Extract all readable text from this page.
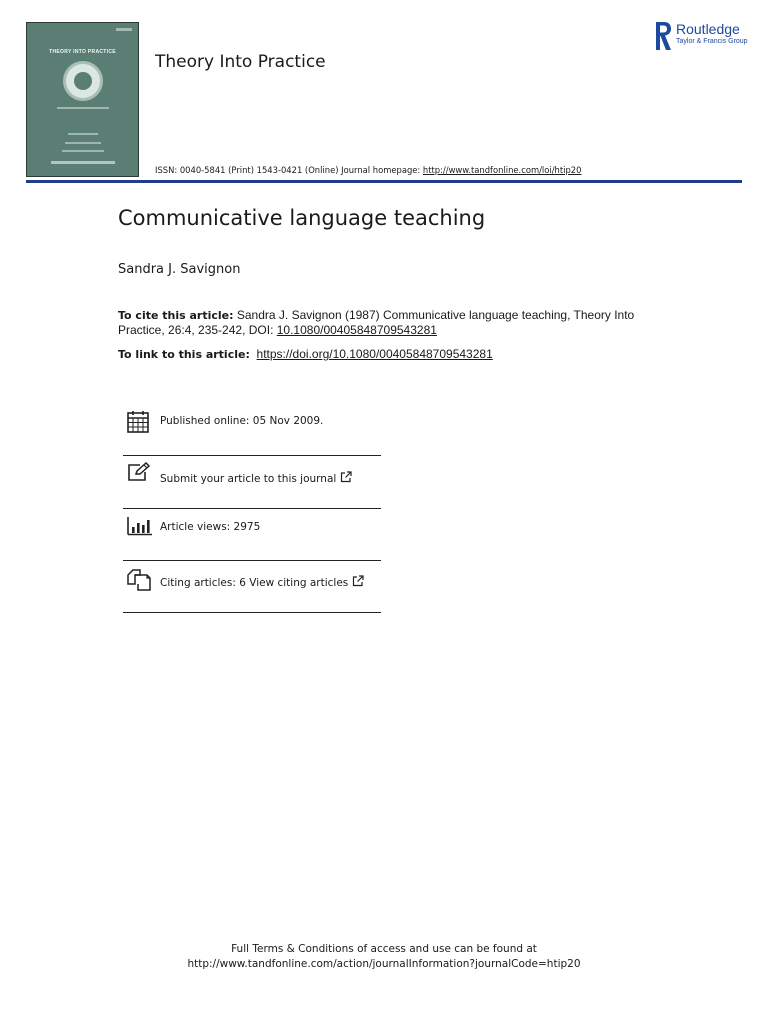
THEORY INTO PRACTICE	Theory Into Practice
Routledge
Taylor & Francis Group
ISSN: 0040-5841 (Print) 1543-0421 (Online) Journal homepage: http://www.tandfonline.com/loi/htip20
Communicative language teaching
Sandra J. Savignon
To cite this article: Sandra J. Savignon (1987) Communicative language teaching, Theory Into Practice, 26:4, 235-242, DOI: 10.1080/00405848709543281
To link to this article: https://doi.org/10.1080/00405848709543281
Published online: 05 Nov 2009.
Submit your article to this journal
Article views: 2975
Citing articles: 6 View citing articles
Full Terms & Conditions of access and use can be found at
http://www.tandfonline.com/action/journalInformation?journalCode=htip20
